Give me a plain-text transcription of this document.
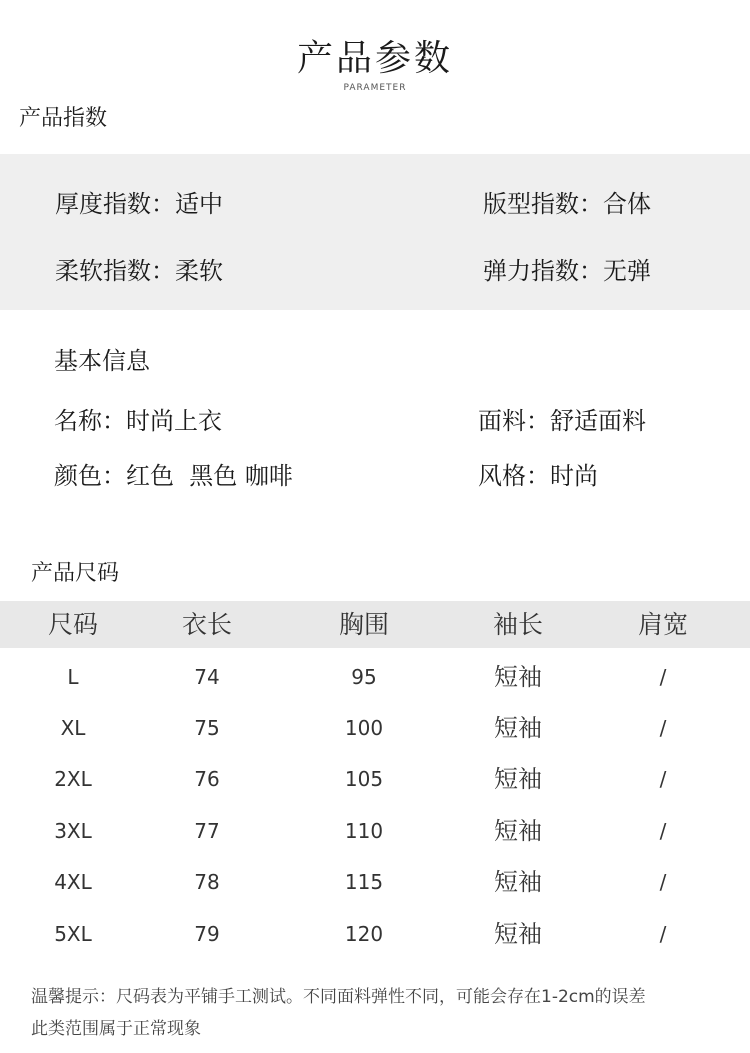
产品参数
PARAMETER
产品指数
厚度指数：适中	版型指数：合体
柔软指数：柔软	弹力指数：无弹
基本信息
名称：时尚上衣	面料：舒适面料
颜色：红色  黑色 咖啡	风格：时尚
产品尺码
尺码	衣长	胸围	袖长	肩宽
L	74	95	短袖	/
XL	75	100	短袖	/
2XL	76	105	短袖	/
3XL	77	110	短袖	/
4XL	78	115	短袖	/
5XL	79	120	短袖	/
温馨提示：尺码表为平铺手工测试。不同面料弹性不同，可能会存在1-2cm的误差
此类范围属于正常现象
